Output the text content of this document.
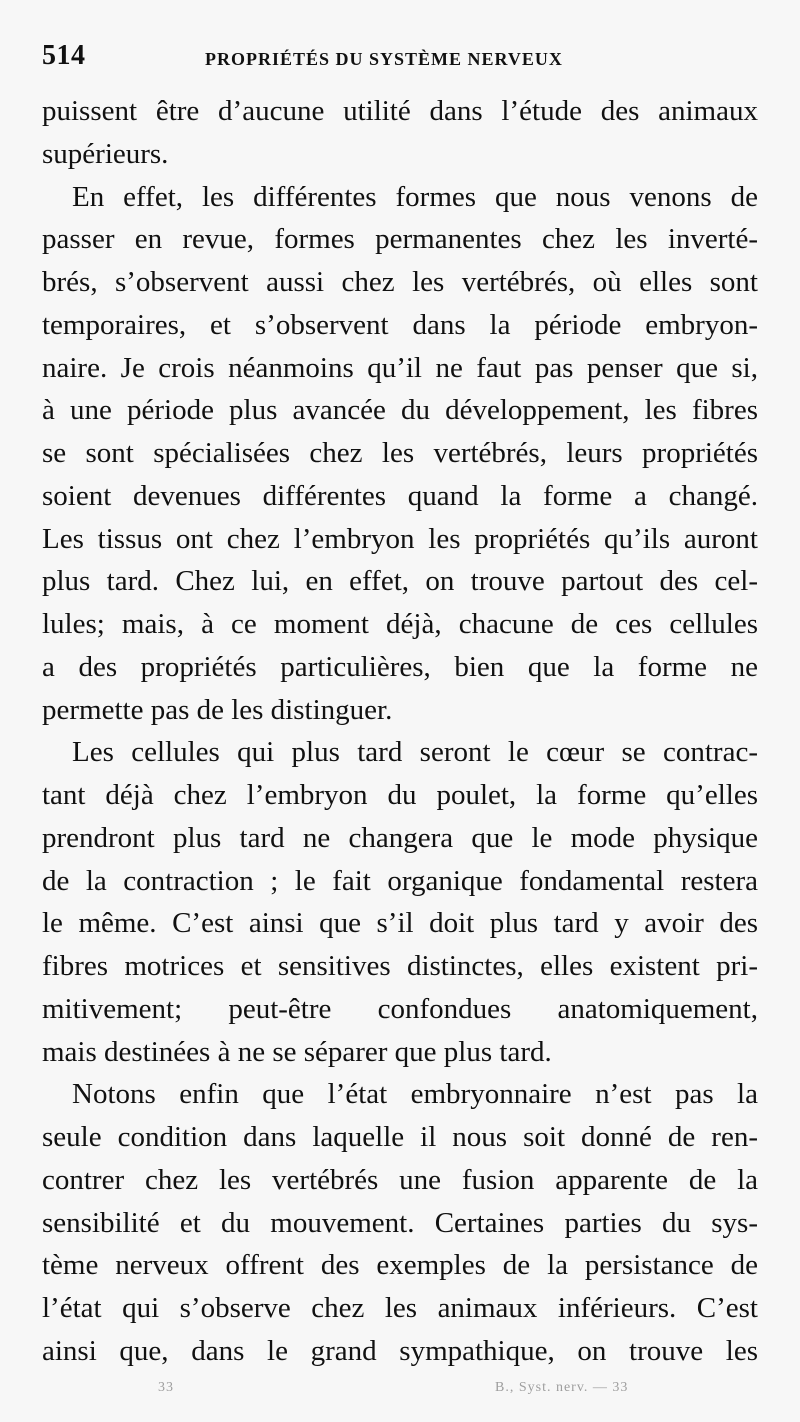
514	PROPRIÉTÉS DU SYSTÈME NERVEUX
puissent être d’aucune utilité dans l’étude des animaux
supérieurs.
En effet, les différentes formes que nous venons de
passer en revue, formes permanentes chez les inverté-
brés, s’observent aussi chez les vertébrés, où elles sont
temporaires, et s’observent dans la période embryon-
naire. Je crois néanmoins qu’il ne faut pas penser que si,
à une période plus avancée du développement, les fibres
se sont spécialisées chez les vertébrés, leurs propriétés
soient devenues différentes quand la forme a changé.
Les tissus ont chez l’embryon les propriétés qu’ils auront
plus tard. Chez lui, en effet, on trouve partout des cel-
lules; mais, à ce moment déjà, chacune de ces cellules
a des propriétés particulières, bien que la forme ne
permette pas de les distinguer.
Les cellules qui plus tard seront le cœur se contrac-
tant déjà chez l’embryon du poulet, la forme qu’elles
prendront plus tard ne changera que le mode physique
de la contraction ; le fait organique fondamental restera
le même. C’est ainsi que s’il doit plus tard y avoir des
fibres motrices et sensitives distinctes, elles existent pri-
mitivement; peut-être confondues anatomiquement,
mais destinées à ne se séparer que plus tard.
Notons enfin que l’état embryonnaire n’est pas la
seule condition dans laquelle il nous soit donné de ren-
contrer chez les vertébrés une fusion apparente de la
sensibilité et du mouvement. Certaines parties du sys-
tème nerveux offrent des exemples de la persistance de
l’état qui s’observe chez les animaux inférieurs. C’est
ainsi que, dans le grand sympathique, on trouve les
33	B., Syst. nerv. — 33
